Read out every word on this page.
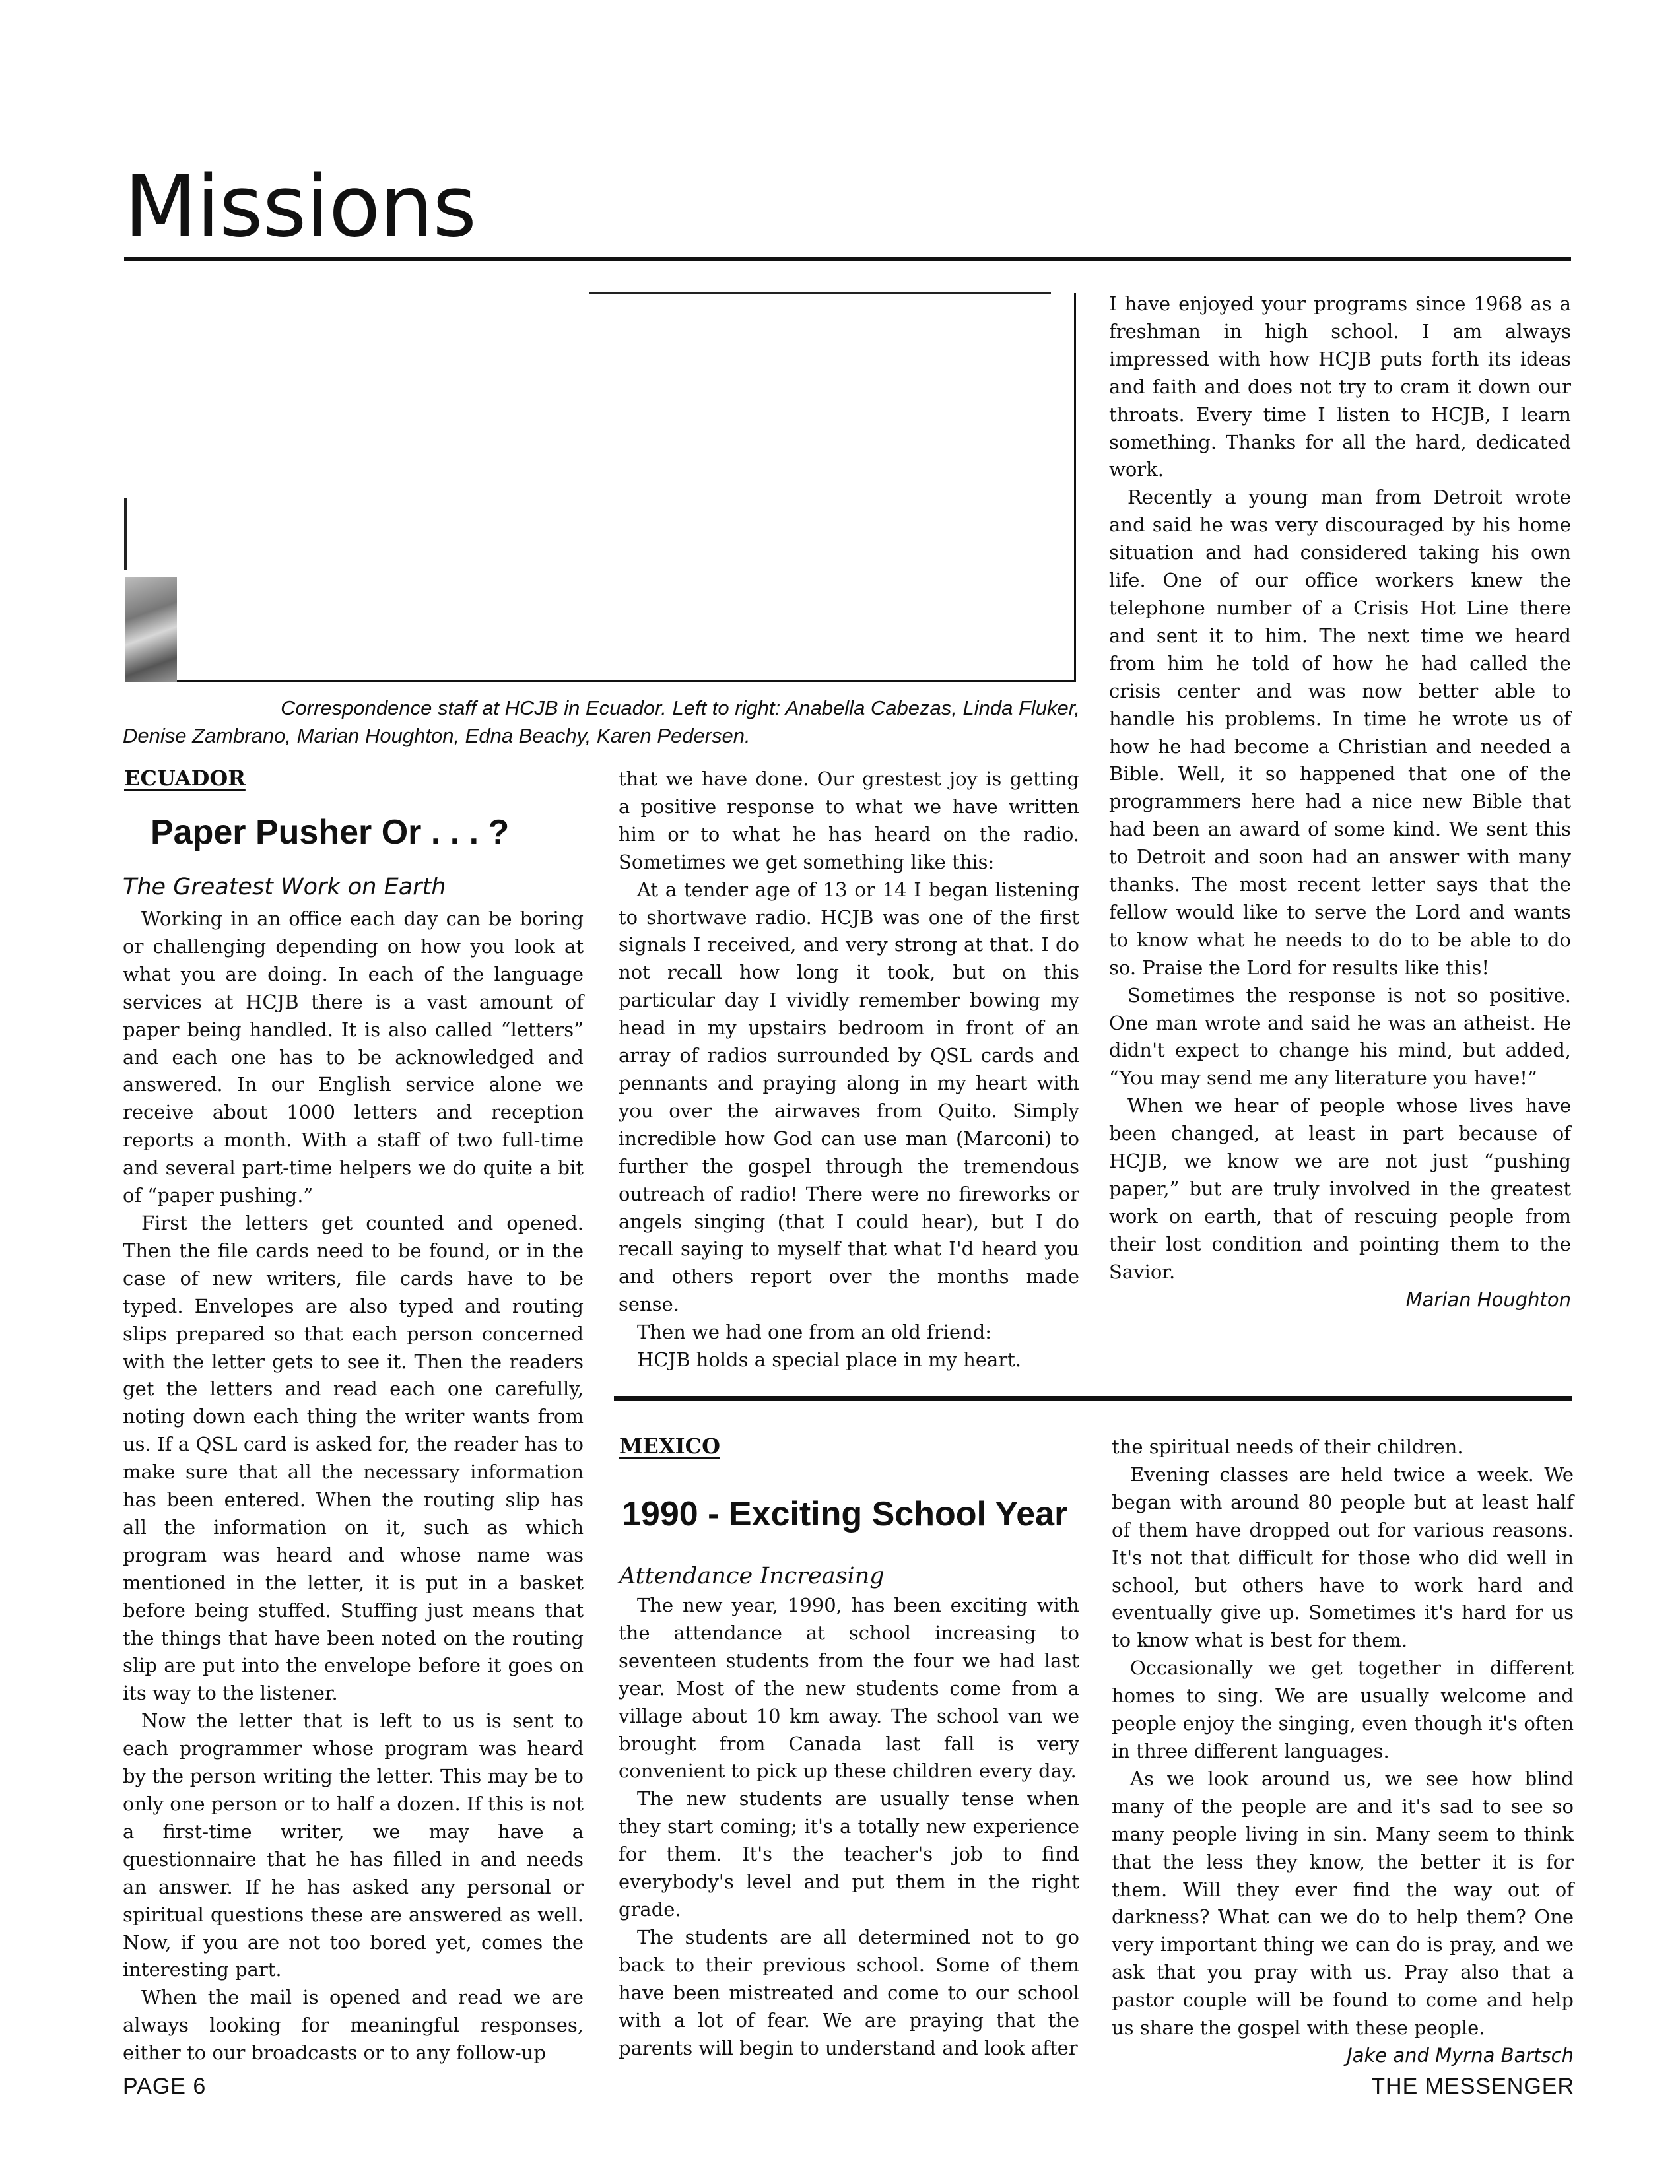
Missions
Correspondence staff at HCJB in Ecuador. Left to right: Anabella Cabezas, Linda Fluker,
Denise Zambrano, Marian Houghton, Edna Beachy, Karen Pedersen.
ECUADOR
Paper Pusher Or . . . ?
The Greatest Work on Earth

Working in an office each day can be boring or challenging depending on how you look at what you are doing. In each of the language services at HCJB there is a vast amount of paper being handled. It is also called “letters” and each one has to be acknowledged and answered. In our English service alone we receive about 1000 letters and reception reports a month. With a staff of two full-time and several part-time helpers we do quite a bit of “paper pushing.”

First the letters get counted and opened. Then the file cards need to be found, or in the case of new writers, file cards have to be typed. Envelopes are also typed and routing slips prepared so that each person concerned with the letter gets to see it. Then the readers get the letters and read each one carefully, noting down each thing the writer wants from us. If a QSL card is asked for, the reader has to make sure that all the necessary information has been entered. When the routing slip has all the information on it, such as which program was heard and whose name was mentioned in the letter, it is put in a basket before being stuffed. Stuffing just means that the things that have been noted on the routing slip are put into the envelope before it goes on its way to the listener.

Now the letter that is left to us is sent to each programmer whose program was heard by the person writing the letter. This may be to only one person or to half a dozen. If this is not a first-time writer, we may have a questionnaire that he has filled in and needs an answer. If he has asked any personal or spiritual questions these are answered as well. Now, if you are not too bored yet, comes the interesting part.

When the mail is opened and read we are always looking for meaningful responses, either to our broadcasts or to any follow-up

that we have done. Our grestest joy is getting a positive response to what we have written him or to what he has heard on the radio. Sometimes we get something like this:

At a tender age of 13 or 14 I began listening to shortwave radio. HCJB was one of the first signals I received, and very strong at that. I do not recall how long it took, but on this particular day I vividly remember bowing my head in my upstairs bedroom in front of an array of radios surrounded by QSL cards and pennants and praying along in my heart with you over the airwaves from Quito. Simply incredible how God can use man (Marconi) to further the gospel through the tremendous outreach of radio! There were no fireworks or angels singing (that I could hear), but I do recall saying to myself that what I'd heard you and others report over the months made sense.

Then we had one from an old friend:

HCJB holds a special place in my heart.

I have enjoyed your programs since 1968 as a freshman in high school. I am always impressed with how HCJB puts forth its ideas and faith and does not try to cram it down our throats. Every time I listen to HCJB, I learn something. Thanks for all the hard, dedicated work.

Recently a young man from Detroit wrote and said he was very discouraged by his home situation and had considered taking his own life. One of our office workers knew the telephone number of a Crisis Hot Line there and sent it to him. The next time we heard from him he told of how he had called the crisis center and was now better able to handle his problems. In time he wrote us of how he had become a Christian and needed a Bible. Well, it so happened that one of the programmers here had a nice new Bible that had been an award of some kind. We sent this to Detroit and soon had an answer with many thanks. The most recent letter says that the fellow would like to serve the Lord and wants to know what he needs to do to be able to do so. Praise the Lord for results like this!

Sometimes the response is not so positive. One man wrote and said he was an atheist. He didn't expect to change his mind, but added, “You may send me any literature you have!”

When we hear of people whose lives have been changed, at least in part because of HCJB, we know we are not just “pushing paper,” but are truly involved in the greatest work on earth, that of rescuing people from their lost condition and pointing them to the Savior.

Marian Houghton
MEXICO
1990 - Exciting School Year
Attendance Increasing

The new year, 1990, has been exciting with the attendance at school increasing to seventeen students from the four we had last year. Most of the new students come from a village about 10 km away. The school van we brought from Canada last fall is very convenient to pick up these children every day.

The new students are usually tense when they start coming; it's a totally new experience for them. It's the teacher's job to find everybody's level and put them in the right grade.

The students are all determined not to go back to their previous school. Some of them have been mistreated and come to our school with a lot of fear. We are praying that the parents will begin to understand and look after

the spiritual needs of their children.

Evening classes are held twice a week. We began with around 80 people but at least half of them have dropped out for various reasons. It's not that difficult for those who did well in school, but others have to work hard and eventually give up. Sometimes it's hard for us to know what is best for them.

Occasionally we get together in different homes to sing. We are usually welcome and people enjoy the singing, even though it's often in three different languages.

As we look around us, we see how blind many of the people are and it's sad to see so many people living in sin. Many seem to think that the less they know, the better it is for them. Will they ever find the way out of darkness? What can we do to help them? One very important thing we can do is pray, and we ask that you pray with us. Pray also that a pastor couple will be found to come and help us share the gospel with these people.

Jake and Myrna Bartsch
PAGE 6	THE MESSENGER
